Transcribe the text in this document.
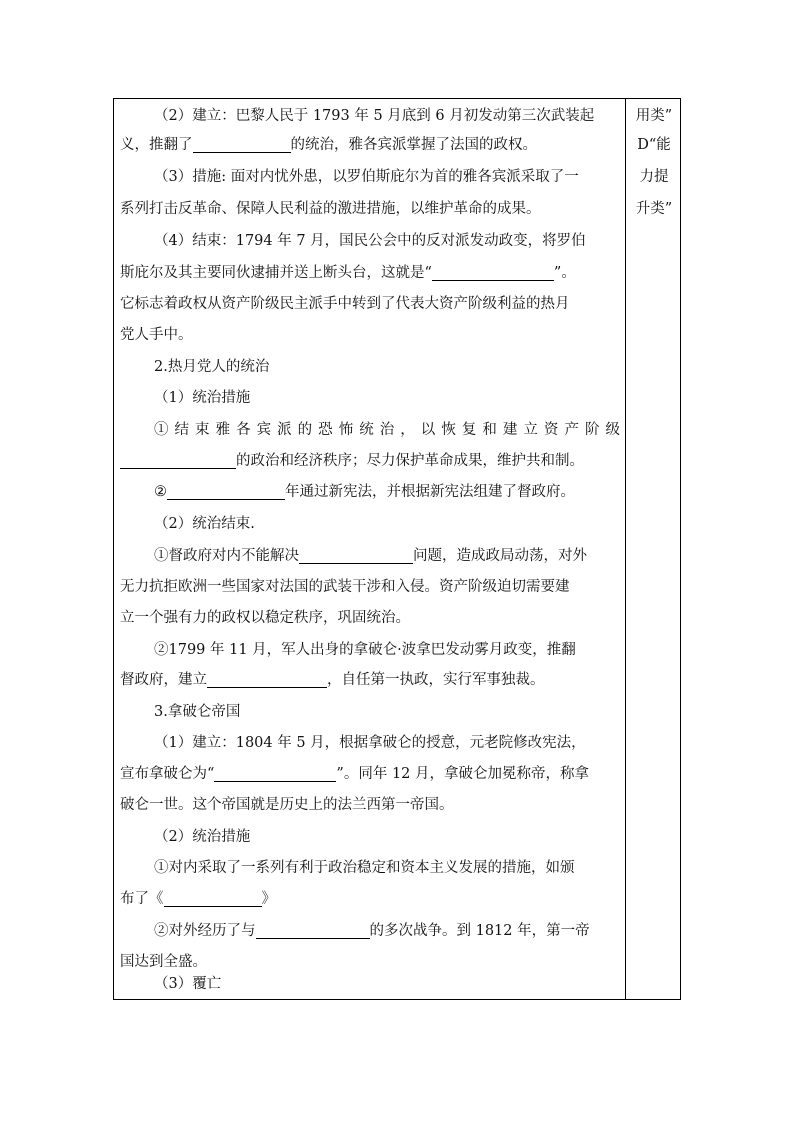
（2）建立：巴黎人民于 1793 年 5 月底到 6 月初发动第三次武装起
义，推翻了	的统治，雅各宾派掌握了法国的政权。
（3）措施: 面对内忧外患，以罗伯斯庇尔为首的雅各宾派采取了一
系列打击反革命、保障人民利益的激进措施，以维护革命的成果。
（4）结束：1794 年 7 月，国民公会中的反对派发动政变，将罗伯
斯庇尔及其主要同伙逮捕并送上断头台，这就是“	”。
它标志着政权从资产阶级民主派手中转到了代表大资产阶级利益的热月
党人手中。
2.热月党人的统治
（1）统治措施
①结束雅各宾派的恐怖统治，以恢复和建立资产阶级
的政治和经济秩序；尽力保护革命成果，维护共和制。
②	年通过新宪法，并根据新宪法组建了督政府。
（2）统治结束.
①督政府对内不能解决	问题，造成政局动荡，对外
无力抗拒欧洲一些国家对法国的武装干涉和入侵。资产阶级迫切需要建
立一个强有力的政权以稳定秩序，巩固统治。
②1799 年 11 月，军人出身的拿破仑·波拿巴发动雾月政变，推翻
督政府，建立	，自任第一执政，实行军事独裁。
3.拿破仑帝国
（1）建立：1804 年 5 月，根据拿破仑的授意，元老院修改宪法，
宣布拿破仑为“	”。同年 12 月，拿破仑加冕称帝，称拿
破仑一世。这个帝国就是历史上的法兰西第一帝国。
（2）统治措施
①对内采取了一系列有利于政治稳定和资本主义发展的措施，如颁
布了《	》
②对外经历了与	的多次战争。到 1812 年，第一帝
国达到全盛。
（3）覆亡
用类”
D“能
力提
升类”
